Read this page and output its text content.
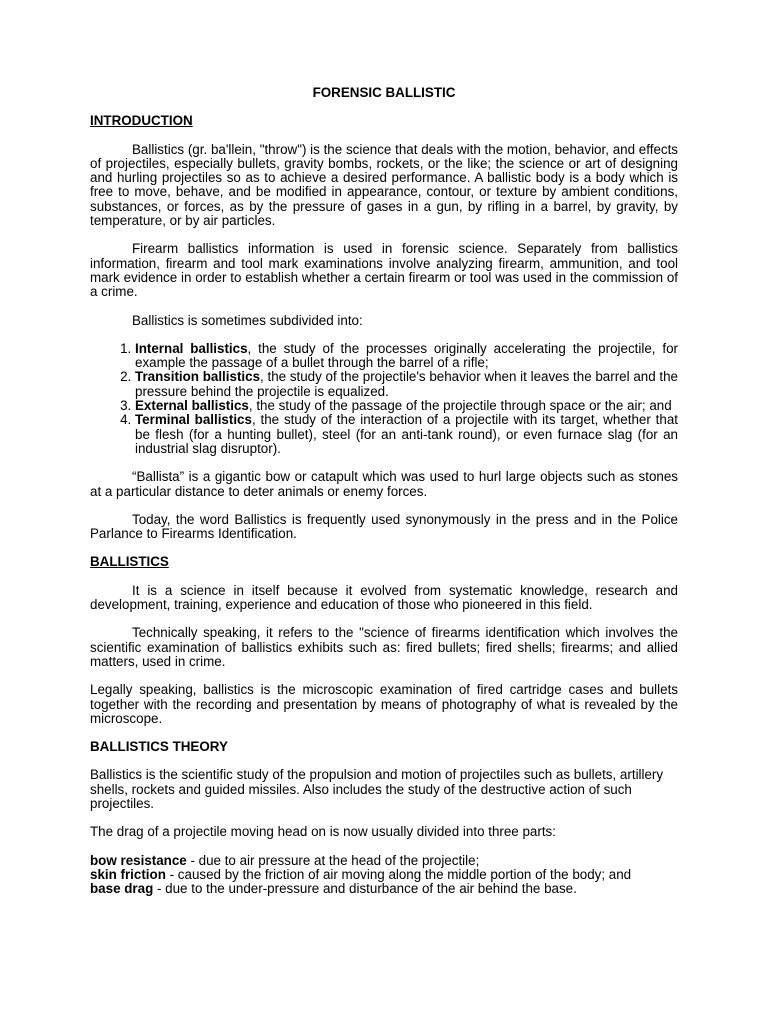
FORENSIC BALLISTIC
INTRODUCTION

Ballistics (gr. ba'llein, "throw") is the science that deals with the motion, behavior, and effects of projectiles, especially bullets, gravity bombs, rockets, or the like; the science or art of designing and hurling projectiles so as to achieve a desired performance. A ballistic body is a body which is free to move, behave, and be modified in appearance, contour, or texture by ambient conditions, substances, or forces, as by the pressure of gases in a gun, by rifling in a barrel, by gravity, by temperature, or by air particles.

Firearm ballistics information is used in forensic science. Separately from ballistics information, firearm and tool mark examinations involve analyzing firearm, ammunition, and tool mark evidence in order to establish whether a certain firearm or tool was used in the commission of a crime.

Ballistics is sometimes subdivided into:

1. Internal ballistics, the study of the processes originally accelerating the projectile, for example the passage of a bullet through the barrel of a rifle;
2. Transition ballistics, the study of the projectile's behavior when it leaves the barrel and the pressure behind the projectile is equalized.
3. External ballistics, the study of the passage of the projectile through space or the air; and
4. Terminal ballistics, the study of the interaction of a projectile with its target, whether that be flesh (for a hunting bullet), steel (for an anti-tank round), or even furnace slag (for an industrial slag disruptor).

“Ballista” is a gigantic bow or catapult which was used to hurl large objects such as stones at a particular distance to deter animals or enemy forces.

Today, the word Ballistics is frequently used synonymously in the press and in the Police Parlance to Firearms Identification.

BALLISTICS

It is a science in itself because it evolved from systematic knowledge, research and development, training, experience and education of those who pioneered in this field.

Technically speaking, it refers to the "science of firearms identification which involves the scientific examination of ballistics exhibits such as: fired bullets; fired shells; firearms; and allied matters, used in crime.

Legally speaking, ballistics is the microscopic examination of fired cartridge cases and bullets together with the recording and presentation by means of photography of what is revealed by the microscope.

BALLISTICS THEORY

Ballistics is the scientific study of the propulsion and motion of projectiles such as bullets, artillery shells, rockets and guided missiles. Also includes the study of the destructive action of such projectiles.

The drag of a projectile moving head on is now usually divided into three parts:

bow resistance - due to air pressure at the head of the projectile;
skin friction - caused by the friction of air moving along the middle portion of the body; and
base drag - due to the under-pressure and disturbance of the air behind the base.
